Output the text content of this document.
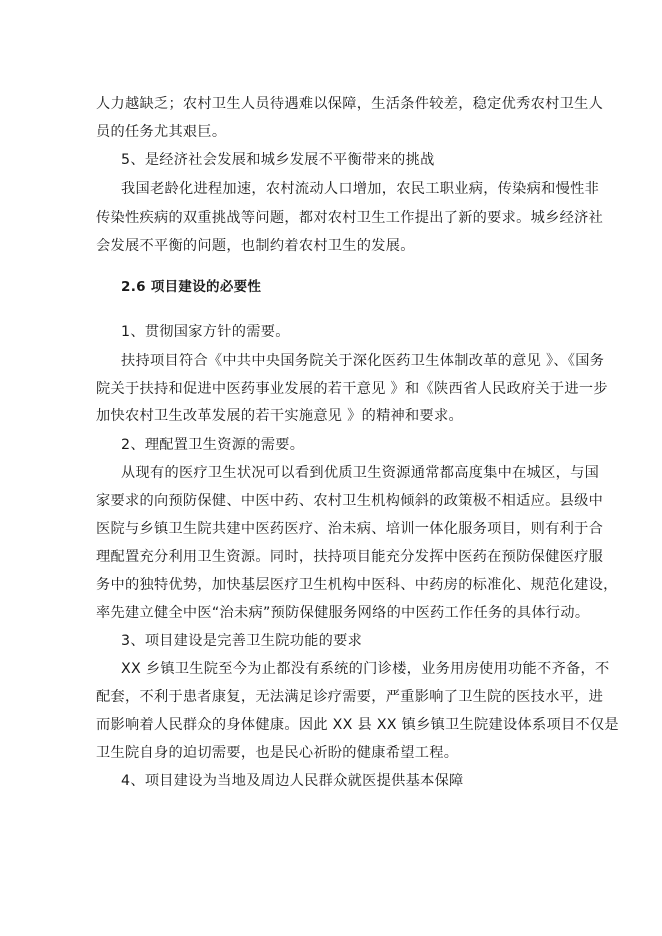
人力越缺乏；农村卫生人员待遇难以保障，生活条件较差，稳定优秀农村卫生人
员的任务尤其艰巨。
5、是经济社会发展和城乡发展不平衡带来的挑战
我国老龄化进程加速，农村流动人口增加，农民工职业病，传染病和慢性非
传染性疾病的双重挑战等问题，都对农村卫生工作提出了新的要求。城乡经济社
会发展不平衡的问题，也制约着农村卫生的发展。
2.6 项目建设的必要性
1、贯彻国家方针的需要。
扶持项目符合《中共中央国务院关于深化医药卫生体制改革的意见 》、《国务
院关于扶持和促进中医药事业发展的若干意见 》和《陕西省人民政府关于进一步
加快农村卫生改革发展的若干实施意见 》的精神和要求。
2、理配置卫生资源的需要。
从现有的医疗卫生状况可以看到优质卫生资源通常都高度集中在城区，与国
家要求的向预防保健、中医中药、农村卫生机构倾斜的政策极不相适应。县级中
医院与乡镇卫生院共建中医药医疗、治未病、培训一体化服务项目，则有利于合
理配置充分利用卫生资源。同时，扶持项目能充分发挥中医药在预防保健医疗服
务中的独特优势，加快基层医疗卫生机构中医科、中药房的标准化、规范化建设，
率先建立健全中医“治未病”预防保健服务网络的中医药工作任务的具体行动。
3、项目建设是完善卫生院功能的要求
XX 乡镇卫生院至今为止都没有系统的门诊楼，业务用房使用功能不齐备，不
配套，不利于患者康复，无法满足诊疗需要，严重影响了卫生院的医技水平，进
而影响着人民群众的身体健康。因此 XX 县 XX 镇乡镇卫生院建设体系项目不仅是
卫生院自身的迫切需要，也是民心祈盼的健康希望工程。
4、项目建设为当地及周边人民群众就医提供基本保障
